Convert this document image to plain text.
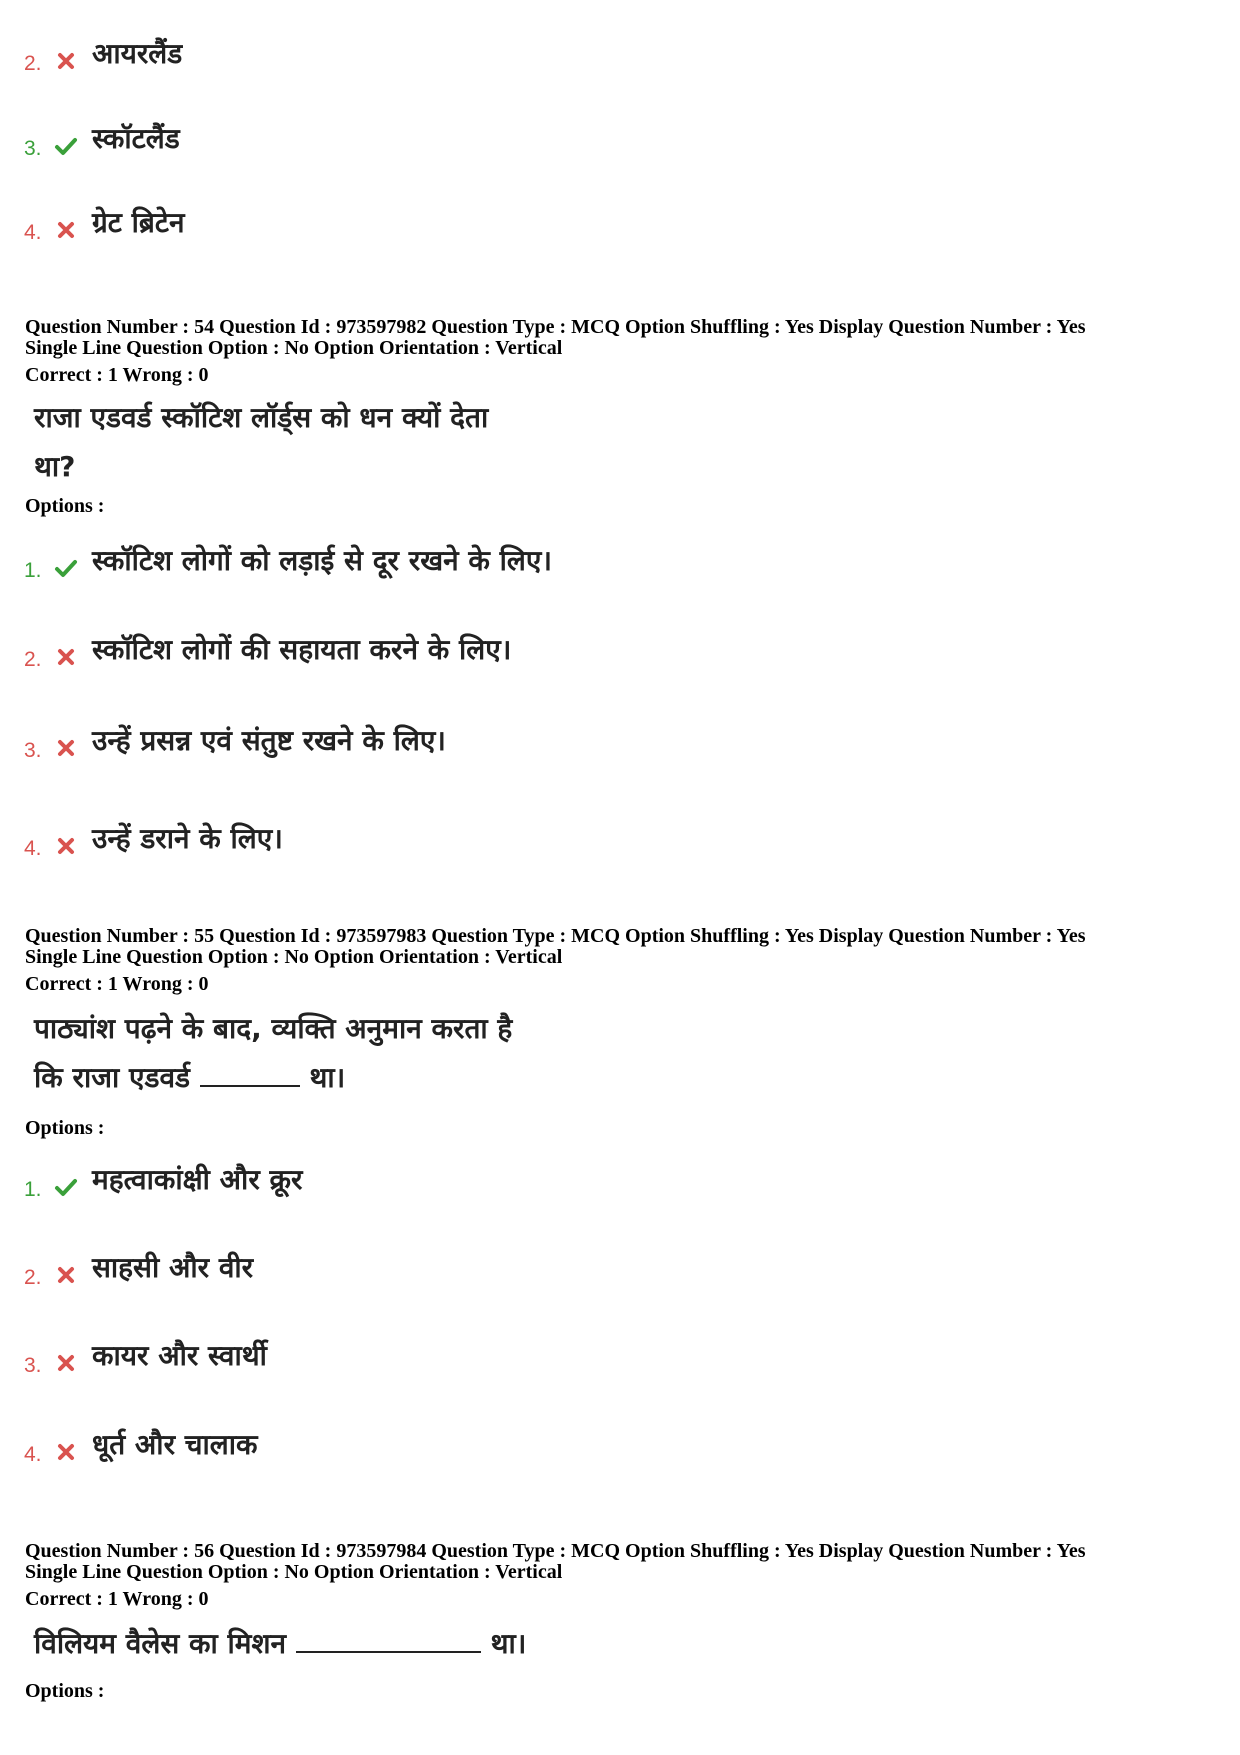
2. आयरलैंड
3. स्कॉटलैंड
4. ग्रेट ब्रिटेन
Question Number : 54 Question Id : 973597982 Question Type : MCQ Option Shuffling : Yes Display Question Number : Yes
Single Line Question Option : No Option Orientation : Vertical
Correct : 1 Wrong : 0
राजा एडवर्ड स्कॉटिश लॉर्ड्स को धन क्यों देता
था?
Options :
1. स्कॉटिश लोगों को लड़ाई से दूर रखने के लिए।
2. स्कॉटिश लोगों की सहायता करने के लिए।
3. उन्हें प्रसन्न एवं संतुष्ट रखने के लिए।
4. उन्हें डराने के लिए।
Question Number : 55 Question Id : 973597983 Question Type : MCQ Option Shuffling : Yes Display Question Number : Yes
Single Line Question Option : No Option Orientation : Vertical
Correct : 1 Wrong : 0
पाठ्यांश पढ़ने के बाद, व्यक्ति अनुमान करता है
कि राजा एडवर्ड	था।
Options :
1. महत्वाकांक्षी और क्रूर
2. साहसी और वीर
3. कायर और स्वार्थी
4. धूर्त और चालाक
Question Number : 56 Question Id : 973597984 Question Type : MCQ Option Shuffling : Yes Display Question Number : Yes
Single Line Question Option : No Option Orientation : Vertical
Correct : 1 Wrong : 0
विलियम वैलेस का मिशन	था।
Options :
